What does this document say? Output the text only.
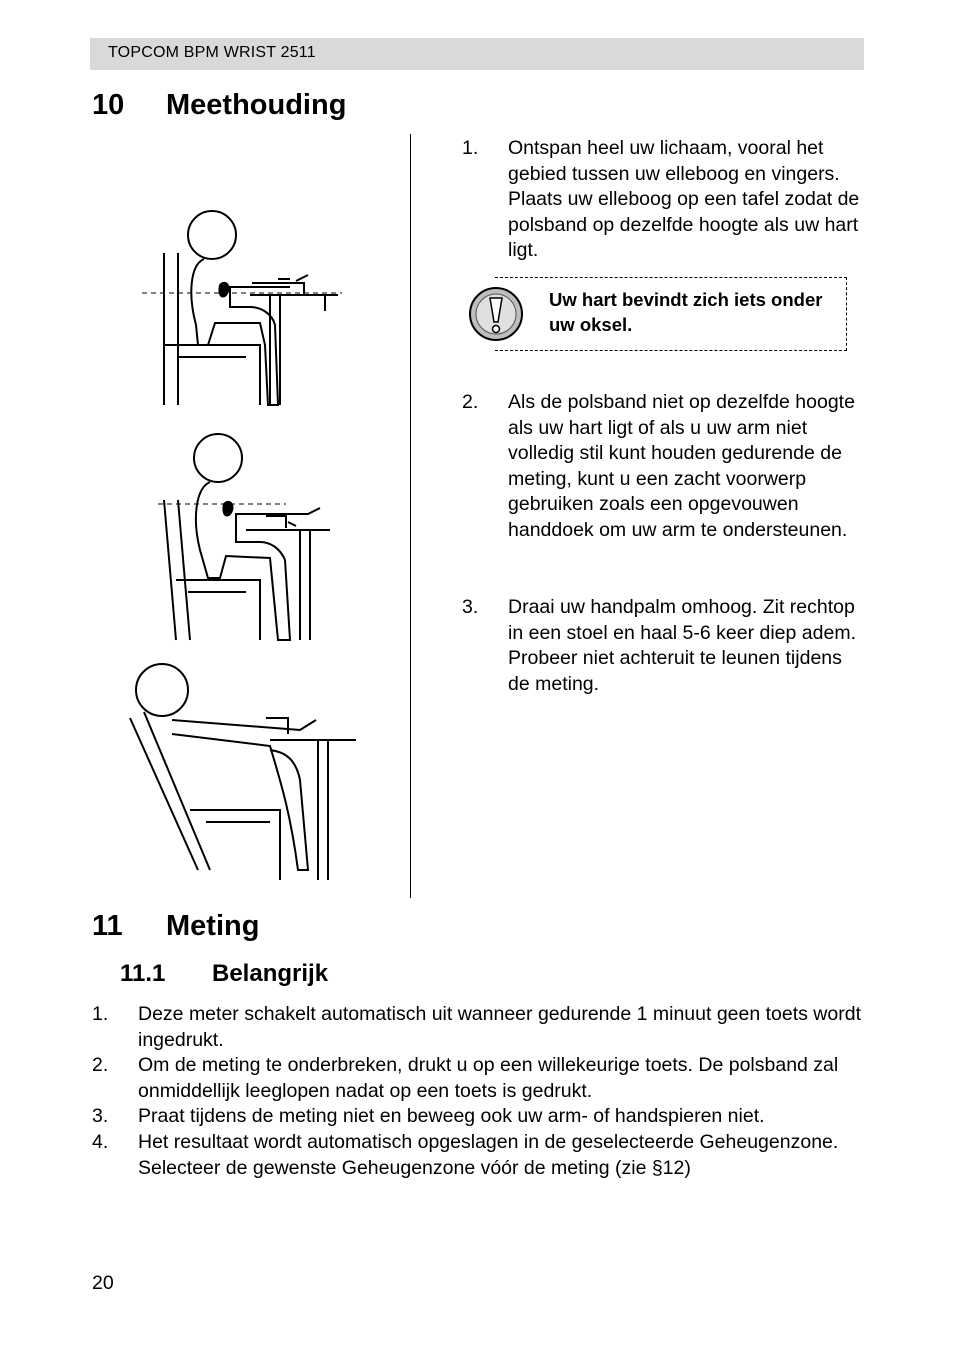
TOPCOM BPM WRIST 2511
10 Meethouding
1. Ontspan heel uw lichaam, vooral het gebied tussen uw elleboog en vingers. Plaats uw elleboog op een tafel zodat de polsband op dezelfde hoogte als uw hart ligt.
Uw hart bevindt zich iets onder uw oksel.
2. Als de polsband niet op dezelfde hoogte als uw hart ligt of als u uw arm niet volledig stil kunt houden gedurende de meting, kunt u een zacht voorwerp gebruiken zoals een opgevouwen handdoek om uw arm te ondersteunen.
3. Draai uw handpalm omhoog. Zit rechtop in een stoel en haal 5-6 keer diep adem. Probeer niet achteruit te leunen tijdens de meting.
11 Meting
11.1 Belangrijk
1. Deze meter schakelt automatisch uit wanneer gedurende 1 minuut geen toets wordt ingedrukt.
2. Om de meting te onderbreken, drukt u op een willekeurige toets. De polsband zal onmiddellijk leeglopen nadat op een toets is gedrukt.
3. Praat tijdens de meting niet en beweeg ook uw arm- of handspieren niet.
4. Het resultaat wordt automatisch opgeslagen in de geselecteerde Geheugenzone. Selecteer de gewenste Geheugenzone vóór de meting (zie §12)
20
